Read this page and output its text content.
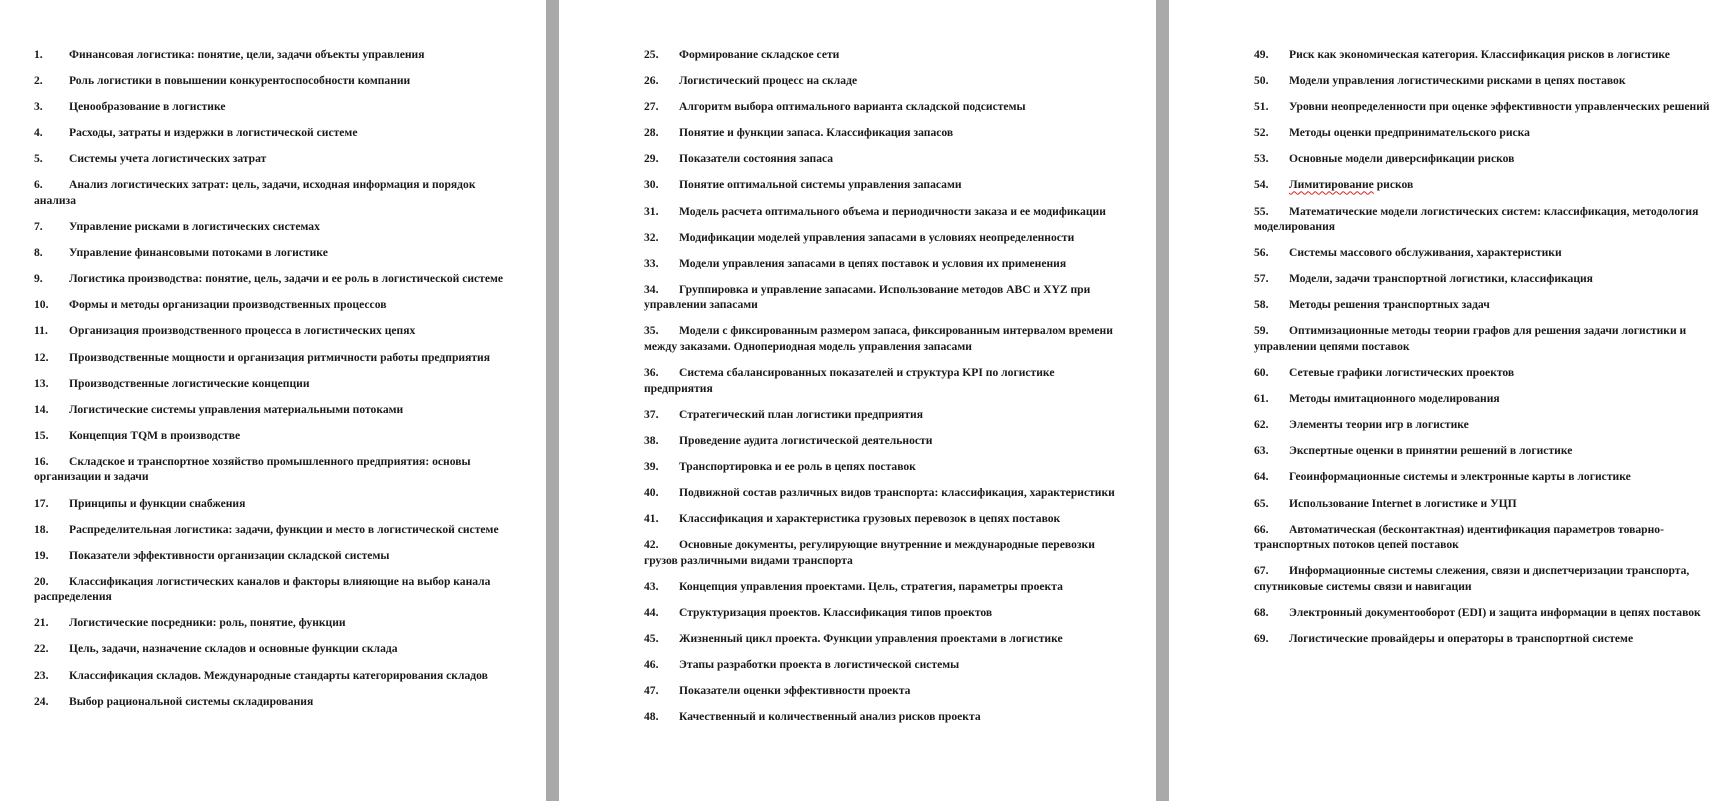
1. Финансовая логистика: понятие, цели, задачи объекты управления
2. Роль логистики в повышении конкурентоспособности компании
3. Ценообразование в логистике
4. Расходы, затраты и издержки в логистической системе
5. Системы учета логистических затрат
6. Анализ логистических затрат: цель, задачи, исходная информация и порядок анализа
7. Управление рисками в логистических системах
8. Управление финансовыми потоками в логистике
9. Логистика производства: понятие, цель, задачи и ее роль в логистической системе
10. Формы и методы организации производственных процессов
11. Организация производственного процесса в логистических цепях
12. Производственные мощности и организация ритмичности работы предприятия
13. Производственные логистические концепции
14. Логистические системы управления материальными потоками
15. Концепция TQM в производстве
16. Складское и транспортное хозяйство промышленного предприятия: основы организации и задачи
17. Принципы и функции снабжения
18. Распределительная логистика: задачи, функции и место в логистической системе
19. Показатели эффективности организации складской системы
20. Классификация логистических каналов и факторы влияющие на выбор канала распределения
21. Логистические посредники: роль, понятие, функции
22. Цель, задачи, назначение складов и основные функции склада
23. Классификация складов. Международные стандарты категорирования складов
24. Выбор рациональной системы складирования
25. Формирование складское сети
26. Логистический процесс на складе
27. Алгоритм выбора оптимального варианта складской подсистемы
28. Понятие и функции запаса. Классификация запасов
29. Показатели состояния запаса
30. Понятие оптимальной системы управления запасами
31. Модель расчета оптимального объема и периодичности заказа и ее модификации
32. Модификации моделей управления запасами в условиях неопределенности
33. Модели управления запасами в цепях поставок и условия их применения
34. Группировка и управление запасами. Использование методов АВС и XYZ при управлении запасами
35. Модели с фиксированным размером запаса, фиксированным интервалом времени между заказами. Однопериодная модель управления запасами
36. Система сбалансированных показателей и структура KPI по логистике предприятия
37. Стратегический план логистики предприятия
38. Проведение аудита логистической деятельности
39. Транспортировка и ее роль в цепях поставок
40. Подвижной состав различных видов транспорта: классификация, характеристики
41. Классификация и характеристика грузовых перевозок в цепях поставок
42. Основные документы, регулирующие внутренние и международные перевозки грузов различными видами транспорта
43. Концепция управления проектами. Цель, стратегия, параметры проекта
44. Структуризация проектов. Классификация типов проектов
45. Жизненный цикл проекта. Функции управления проектами в логистике
46. Этапы разработки проекта в логистической системы
47. Показатели оценки эффективности проекта
48. Качественный и количественный анализ рисков проекта
49. Риск как экономическая категория. Классификация рисков в логистике
50. Модели управления логистическими рисками в цепях поставок
51. Уровни неопределенности при оценке эффективности управленческих решений
52. Методы оценки предпринимательского риска
53. Основные модели диверсификации рисков
54. Лимитирование рисков
55. Математические модели логистических систем: классификация, методология моделирования
56. Системы массового обслуживания, характеристики
57. Модели, задачи транспортной логистики, классификация
58. Методы решения транспортных задач
59. Оптимизационные методы теории графов для решения задачи логистики и управлении цепями поставок
60. Сетевые графики логистических проектов
61. Методы имитационного моделирования
62. Элементы теории игр в логистике
63. Экспертные оценки в принятии решений в логистике
64. Геоинформационные системы и электронные карты в логистике
65. Использование Internet в логистике и УЦП
66. Автоматическая (бесконтактная) идентификация параметров товарно-транспортных потоков цепей поставок
67. Информационные системы слежения, связи и диспетчеризации транспорта, спутниковые системы связи и навигации
68. Электронный документооборот (EDI) и защита информации в цепях поставок
69. Логистические провайдеры и операторы в транспортной системе
